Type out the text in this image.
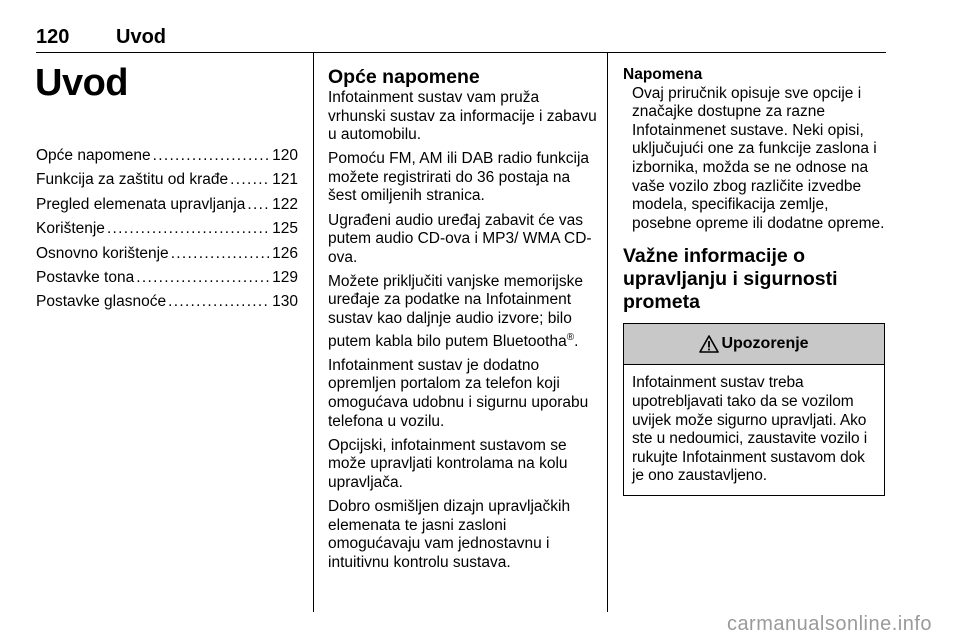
120 Uvod
Uvod
Opće napomene . . .	120
Funkcija za zaštitu od krađe . . .	121
Pregled elemenata upravljanja . . . 122
Korištenje . . .	125
Osnovno korištenje . . .	126
Postavke tona . . .	129
Postavke glasnoće . . .	130
Opće napomene

Infotainment sustav vam pruža vrhunski sustav za informacije i zabavu u automobilu.

Pomoću FM, AM ili DAB radio funkcija možete registrirati do 36 postaja na šest omiljenih stranica.

Ugrađeni audio uređaj zabavit će vas putem audio CD-ova i MP3/ WMA CD-ova.

Možete priključiti vanjske memorijske uređaje za podatke na Infotainment sustav kao daljnje audio izvore; bilo putem kabla bilo putem Bluetootha®.

Infotainment sustav je dodatno opremljen portalom za telefon koji omogućava udobnu i sigurnu uporabu telefona u vozilu.

Opcijski, infotainment sustavom se može upravljati kontrolama na kolu upravljača.

Dobro osmišljen dizajn upravljačkih elemenata te jasni zasloni omogućavaju vam jednostavnu i intuitivnu kontrolu sustava.

Napomena

Ovaj priručnik opisuje sve opcije i značajke dostupne za razne Infotainmenet sustave. Neki opisi, uključujući one za funkcije zaslona i izbornika, možda se ne odnose na vaše vozilo zbog različite izvedbe modela, specifikacija zemlje, posebne opreme ili dodatne opreme.

Važne informacije o upravljanju i sigurnosti prometa
Upozorenje
Infotainment sustav treba upotrebljavati tako da se vozilom uvijek može sigurno upravljati. Ako ste u nedoumici, zaustavite vozilo i rukujte Infotainment sustavom dok je ono zaustavljeno.
carmanualsonline.info
